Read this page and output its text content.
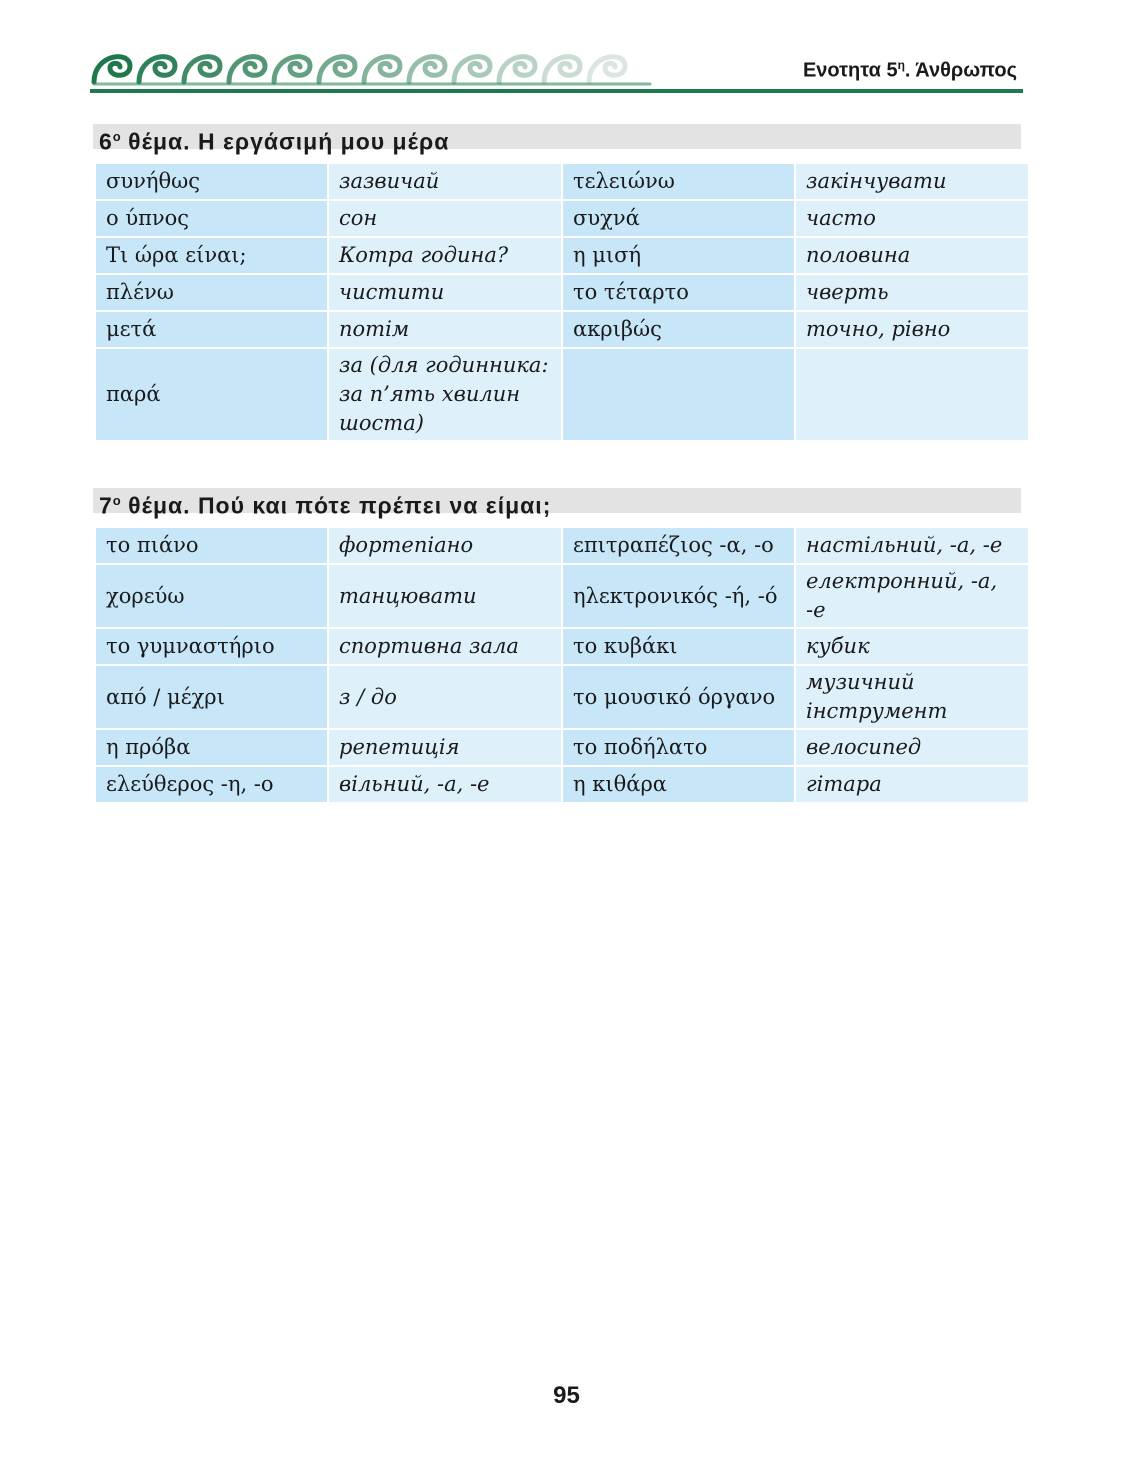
Ενοτητα $5^\eta$. Άνθρωπος
$6^o$ θέμα. Η εργάσιμή μου μέρα
συνήθως	зазвичай	τελειώνω	закінчувати
ο ύπνος	сон	συχνά	часто
Τι ώρα είναι;	Котра година?	η μισή	половина
πλένω	чистити	το τέταρτο	чверть
μετά	потім	ακριβώς	точно, рівно
παρά	за (для годинника: за п’ять хвилин шоста)		
$7^o$ θέμα. Πού και πότε πρέπει να είμαι;
το πιάνο	фортепіано	επιτραπέζιος -α, -ο	настільний, -а, -е
χορεύω	танцювати	ηλεκτρονικός -ή, -ό	електронний, -а, -е
το γυμναστήριο	спортивна зала	το κυβάκι	кубик
από / μέχρι	з / до	το μουσικό όργανο	музичний інструмент
η πρόβα	репетиція	το ποδήλατο	велосипед
ελεύθερος -η, -ο	вільний, -а, -е	η κιθάρα	гітара
95
